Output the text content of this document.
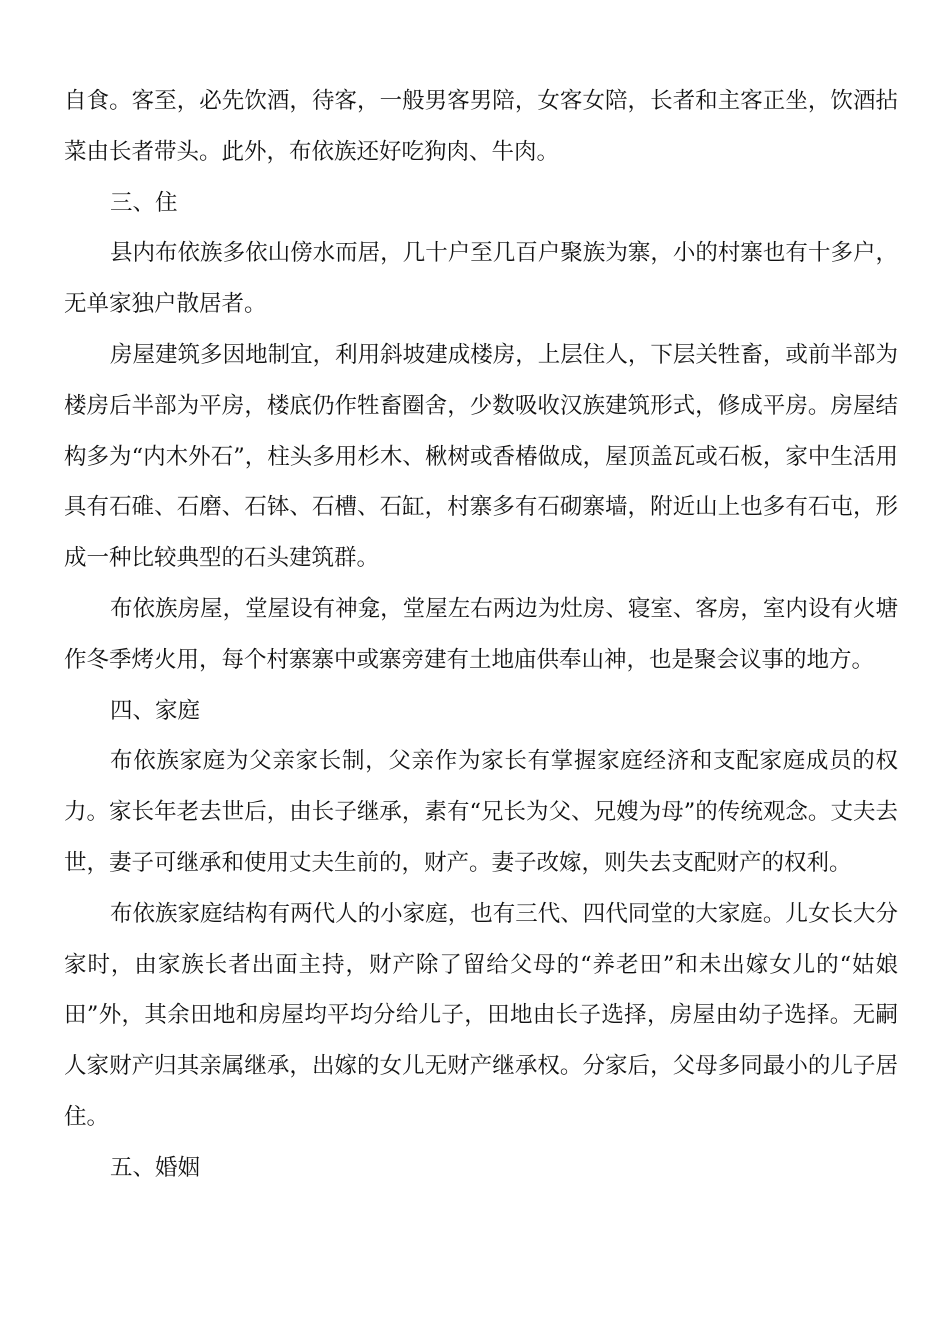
自食。客至，必先饮酒，待客，一般男客男陪，女客女陪，长者和主客正坐，饮酒拈菜由长者带头。此外，布依族还好吃狗肉、牛肉。

三、住

县内布依族多依山傍水而居，几十户至几百户聚族为寨，小的村寨也有十多户，无单家独户散居者。

房屋建筑多因地制宜，利用斜坡建成楼房，上层住人，下层关牲畜，或前半部为楼房后半部为平房，楼底仍作牲畜圈舍，少数吸收汉族建筑形式，修成平房。房屋结构多为“内木外石”，柱头多用杉木、楸树或香椿做成，屋顶盖瓦或石板，家中生活用具有石碓、石磨、石钵、石槽、石缸，村寨多有石砌寨墙，附近山上也多有石屯，形成一种比较典型的石头建筑群。

布依族房屋，堂屋设有神龛，堂屋左右两边为灶房、寝室、客房，室内设有火塘作冬季烤火用，每个村寨寨中或寨旁建有土地庙供奉山神，也是聚会议事的地方。

四、家庭

布依族家庭为父亲家长制，父亲作为家长有掌握家庭经济和支配家庭成员的权力。家长年老去世后，由长子继承，素有“兄长为父、兄嫂为母”的传统观念。丈夫去世，妻子可继承和使用丈夫生前的，财产。妻子改嫁，则失去支配财产的权利。

布依族家庭结构有两代人的小家庭，也有三代、四代同堂的大家庭。儿女长大分家时，由家族长者出面主持，财产除了留给父母的“养老田”和未出嫁女儿的“姑娘田”外，其余田地和房屋均平均分给儿子，田地由长子选择，房屋由幼子选择。无嗣人家财产归其亲属继承，出嫁的女儿无财产继承权。分家后，父母多同最小的儿子居住。

五、婚姻
